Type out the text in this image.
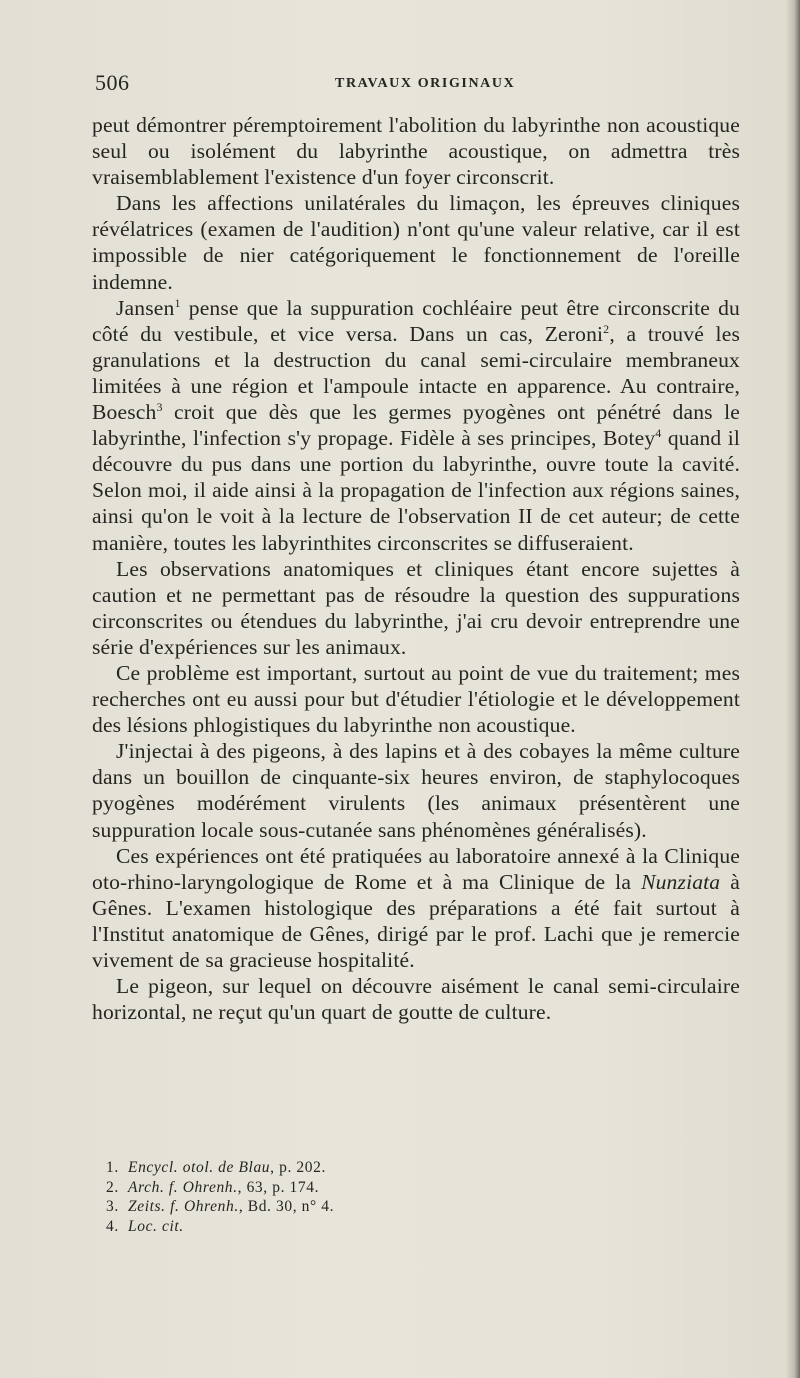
506	TRAVAUX ORIGINAUX

peut démontrer péremptoirement l'abolition du labyrinthe non acoustique seul ou isolément du labyrinthe acoustique, on admettra très vraisemblablement l'existence d'un foyer circonscrit.

Dans les affections unilatérales du limaçon, les épreuves cliniques révélatrices (examen de l'audition) n'ont qu'une valeur relative, car il est impossible de nier catégoriquement le fonctionnement de l'oreille indemne.

Jansen$^1$ pense que la suppuration cochléaire peut être circonscrite du côté du vestibule, et vice versa. Dans un cas, Zeroni$^2$, a trouvé les granulations et la destruction du canal semi-circulaire membraneux limitées à une région et l'ampoule intacte en apparence. Au contraire, Boesch$^3$ croit que dès que les germes pyogènes ont pénétré dans le labyrinthe, l'infection s'y propage. Fidèle à ses principes, Botey$^4$ quand il découvre du pus dans une portion du labyrinthe, ouvre toute la cavité. Selon moi, il aide ainsi à la propagation de l'infection aux régions saines, ainsi qu'on le voit à la lecture de l'observation II de cet auteur; de cette manière, toutes les labyrinthites circonscrites se diffuseraient.

Les observations anatomiques et cliniques étant encore sujettes à caution et ne permettant pas de résoudre la question des suppurations circonscrites ou étendues du labyrinthe, j'ai cru devoir entreprendre une série d'expériences sur les animaux.

Ce problème est important, surtout au point de vue du traitement; mes recherches ont eu aussi pour but d'étudier l'étiologie et le développement des lésions phlogistiques du labyrinthe non acoustique.

J'injectai à des pigeons, à des lapins et à des cobayes la même culture dans un bouillon de cinquante-six heures environ, de staphylocoques pyogènes modérément virulents (les animaux présentèrent une suppuration locale sous-cutanée sans phénomènes généralisés).

Ces expériences ont été pratiquées au laboratoire annexé à la Clinique oto-rhino-laryngologique de Rome et à ma Clinique de la Nunziata à Gênes. L'examen histologique des préparations a été fait surtout à l'Institut anatomique de Gênes, dirigé par le prof. Lachi que je remercie vivement de sa gracieuse hospitalité.

Le pigeon, sur lequel on découvre aisément le canal semi-circulaire horizontal, ne reçut qu'un quart de goutte de culture.

1. Encycl. otol. de Blau, p. 202.
2. Arch. f. Ohrenh., 63, p. 174.
3. Zeits. f. Ohrenh., Bd. 30, n° 4.
4. Loc. cit.
